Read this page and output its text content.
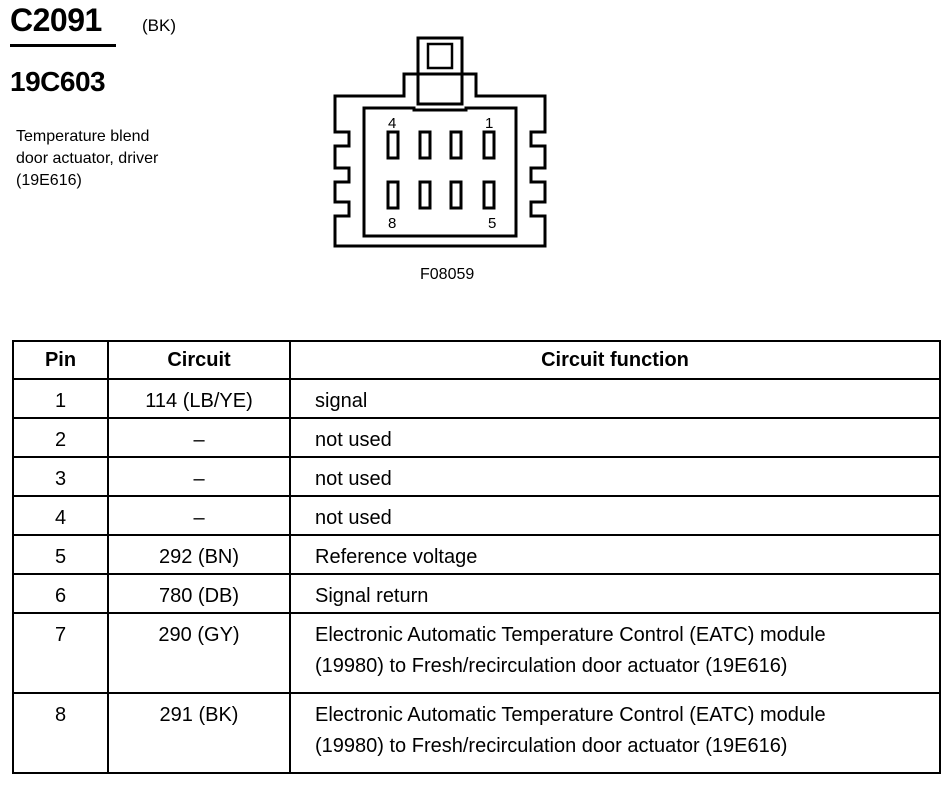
C2091 (BK)
19C603
Temperature blend
door actuator, driver
(19E616)
4	1
8	5
F08059
Pin	Circuit	Circuit function
1	114 (LB/YE)	signal

2	–	not used

3	–	not used

4	–	not used

5	292 (BN)	Reference voltage

6	780 (DB)	Signal return

7	290 (GY)	Electronic Automatic Temperature Control (EATC) module
(19980) to Fresh/recirculation door actuator (19E616)

8	291 (BK)	Electronic Automatic Temperature Control (EATC) module
(19980) to Fresh/recirculation door actuator (19E616)
